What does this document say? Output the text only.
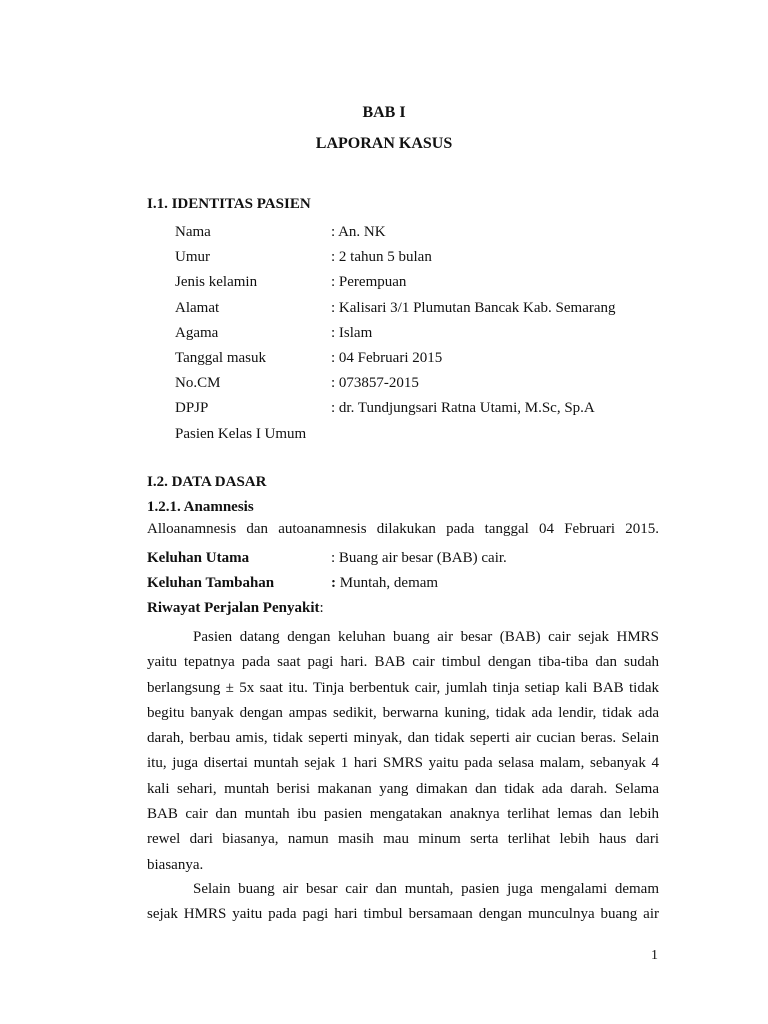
BAB I
LAPORAN KASUS
I.1. IDENTITAS PASIEN
Nama	: An. NK
Umur	: 2 tahun 5 bulan
Jenis kelamin	: Perempuan
Alamat	: Kalisari 3/1 Plumutan Bancak Kab. Semarang
Agama	: Islam
Tanggal masuk	: 04 Februari 2015
No.CM	: 073857-2015
DPJP	: dr. Tundjungsari Ratna Utami, M.Sc, Sp.A
Pasien Kelas I Umum
I.2. DATA DASAR
1.2.1. Anamnesis
Alloanamnesis dan autoanamnesis dilakukan pada tanggal 04 Februari 2015.
Keluhan Utama	: Buang air besar (BAB) cair.
Keluhan Tambahan	: Muntah, demam
Riwayat Perjalan Penyakit:
Pasien datang dengan keluhan buang air besar (BAB) cair sejak HMRS
yaitu tepatnya pada saat pagi hari. BAB cair timbul dengan tiba-tiba dan sudah
berlangsung ± 5x saat itu. Tinja berbentuk cair, jumlah tinja setiap kali BAB tidak
begitu banyak dengan ampas sedikit, berwarna kuning, tidak ada lendir, tidak ada
darah, berbau amis, tidak seperti minyak, dan tidak seperti air cucian beras. Selain
itu, juga disertai muntah sejak 1 hari SMRS yaitu pada selasa malam, sebanyak 4
kali sehari, muntah berisi makanan yang dimakan dan tidak ada darah. Selama
BAB cair dan muntah ibu pasien mengatakan anaknya terlihat lemas dan lebih
rewel dari biasanya, namun masih mau minum serta terlihat lebih haus dari
biasanya.
Selain buang air besar cair dan muntah, pasien juga mengalami demam
sejak HMRS yaitu pada pagi hari timbul bersamaan dengan munculnya buang air
1
